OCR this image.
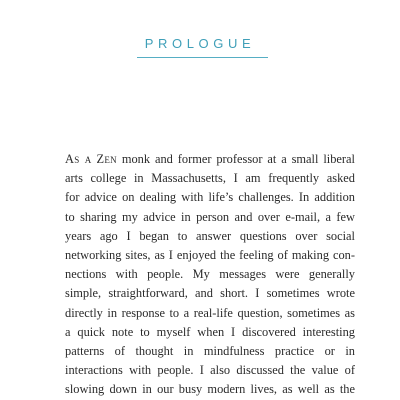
PROLOGUE
As a Zen monk and former professor at a small liberal
arts college in Massachusetts, I am frequently asked
for advice on dealing with life’s challenges. In addition
to sharing my advice in person and over e-mail, a few
years ago I began to answer questions over social
networking sites, as I enjoyed the feeling of making con-
nections with people. My messages were generally
simple, straightforward, and short. I sometimes wrote
directly in response to a real-life question, sometimes as
a quick note to myself when I discovered interesting
patterns of thought in mindfulness practice or in
interactions with people. I also discussed the value of
slowing down in our busy modern lives, as well as the
